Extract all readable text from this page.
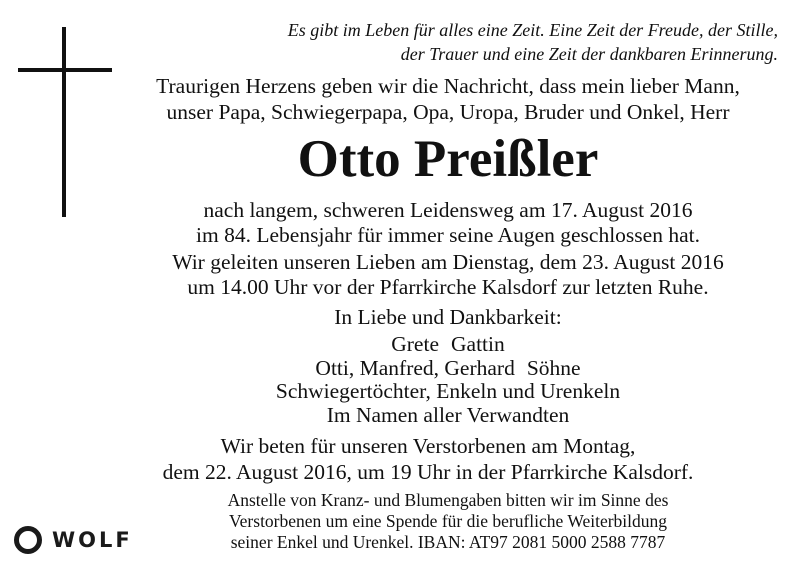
Es gibt im Leben für alles eine Zeit. Eine Zeit der Freude, der Stille,
der Trauer und eine Zeit der dankbaren Erinnerung.
Traurigen Herzens geben wir die Nachricht, dass mein lieber Mann,
unser Papa, Schwiegerpapa, Opa, Uropa, Bruder und Onkel, Herr
Otto Preißler
nach langem, schweren Leidensweg am 17. August 2016
im 84. Lebensjahr für immer seine Augen geschlossen hat.
Wir geleiten unseren Lieben am Dienstag, dem 23. August 2016
um 14.00 Uhr vor der Pfarrkirche Kalsdorf zur letzten Ruhe.
In Liebe und Dankbarkeit:
Grete Gattin
Otti, Manfred, Gerhard Söhne
Schwiegertöchter, Enkeln und Urenkeln
Im Namen aller Verwandten
Wir beten für unseren Verstorbenen am Montag,
dem 22. August 2016, um 19 Uhr in der Pfarrkirche Kalsdorf.
Anstelle von Kranz- und Blumengaben bitten wir im Sinne des
Verstorbenen um eine Spende für die berufliche Weiterbildung
seiner Enkel und Urenkel. IBAN: AT97 2081 5000 2588 7787
WOLF
